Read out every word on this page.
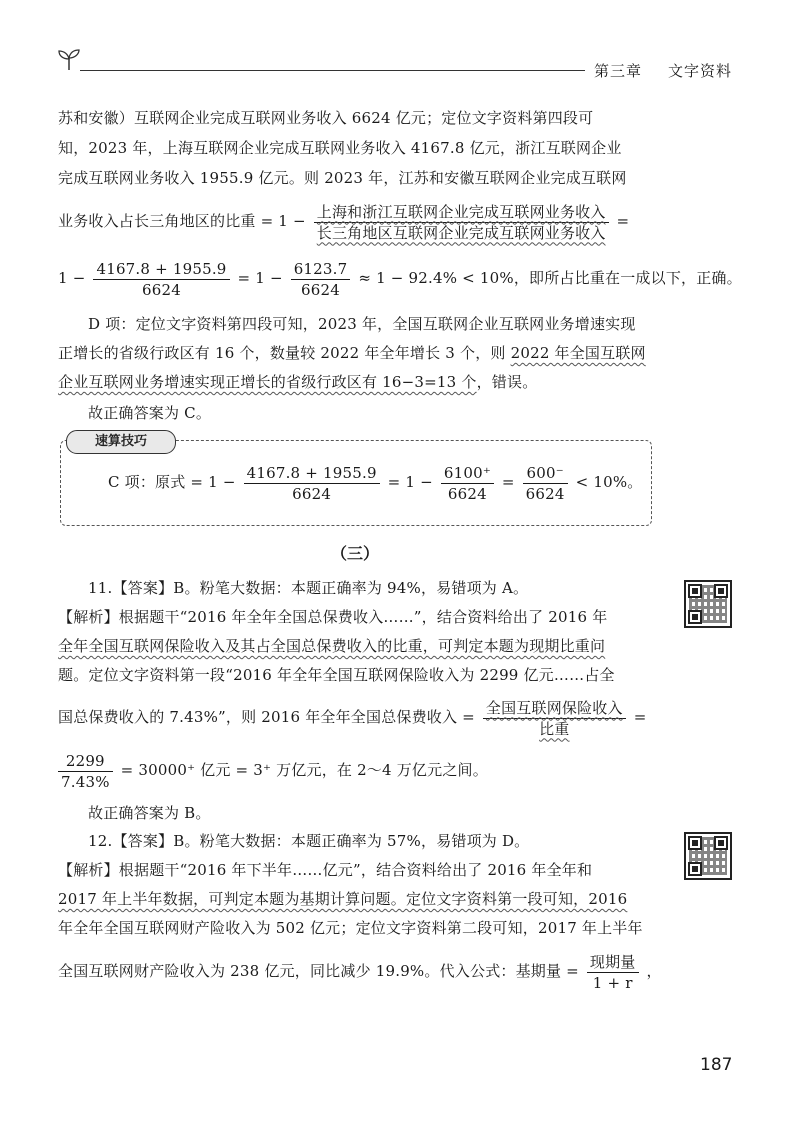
第三章 文字资料
苏和安徽）互联网企业完成互联网业务收入 6624 亿元；定位文字资料第四段可
知，2023 年，上海互联网企业完成互联网业务收入 4167.8 亿元，浙江互联网企业
完成互联网业务收入 1955.9 亿元。则 2023 年，江苏和安徽互联网企业完成互联网
业务收入占长三角地区的比重 = $1 - \frac{\text{上海和浙江互联网企业完成互联网业务收入}}{\text{长三角地区互联网企业完成互联网业务收入}}$ =
$1 - \frac{4167.8 + 1955.9}{6624} = 1 - \frac{6123.7}{6624} \approx 1 - 92.4\% < 10\%$，即所占比重在一成以下，正确。
D 项：定位文字资料第四段可知，2023 年，全国互联网企业互联网业务增速实现
正增长的省级行政区有 16 个，数量较 2022 年全年增长 3 个，则 2022 年全国互联网
企业互联网业务增速实现正增长的省级行政区有 16−3=13 个，错误。
故正确答案为 C。
速算技巧
C 项：原式 = $1 - \frac{4167.8 + 1955.9}{6624} = 1 - \frac{6100^+}{6624} = \frac{600^-}{6624} < 10\%$。
（三）
11.【答案】B。粉笔大数据：本题正确率为 94%，易错项为 A。
【解析】根据题干“2016 年全年全国总保费收入……”，结合资料给出了 2016 年
全年全国互联网保险收入及其占全国总保费收入的比重，可判定本题为现期比重问
题。定位文字资料第一段“2016 年全年全国互联网保险收入为 2299 亿元……占全
国总保费收入的 7.43%”，则 2016 年全年全国总保费收入 = $\frac{\text{全国互联网保险收入}}{\text{比重}}$ =
$\frac{2299}{7.43\%} = 30000^+$ 亿元 = 3⁺ 万亿元，在 2～4 万亿元之间。
故正确答案为 B。
12.【答案】B。粉笔大数据：本题正确率为 57%，易错项为 D。
【解析】根据题干“2016 年下半年……亿元”，结合资料给出了 2016 年全年和
2017 年上半年数据，可判定本题为基期计算问题。定位文字资料第一段可知，2016
年全年全国互联网财产险收入为 502 亿元；定位文字资料第二段可知，2017 年上半年
全国互联网财产险收入为 238 亿元，同比减少 19.9%。代入公式：基期量 = $\frac{\text{现期量}}{1 + r}$ ，
187
